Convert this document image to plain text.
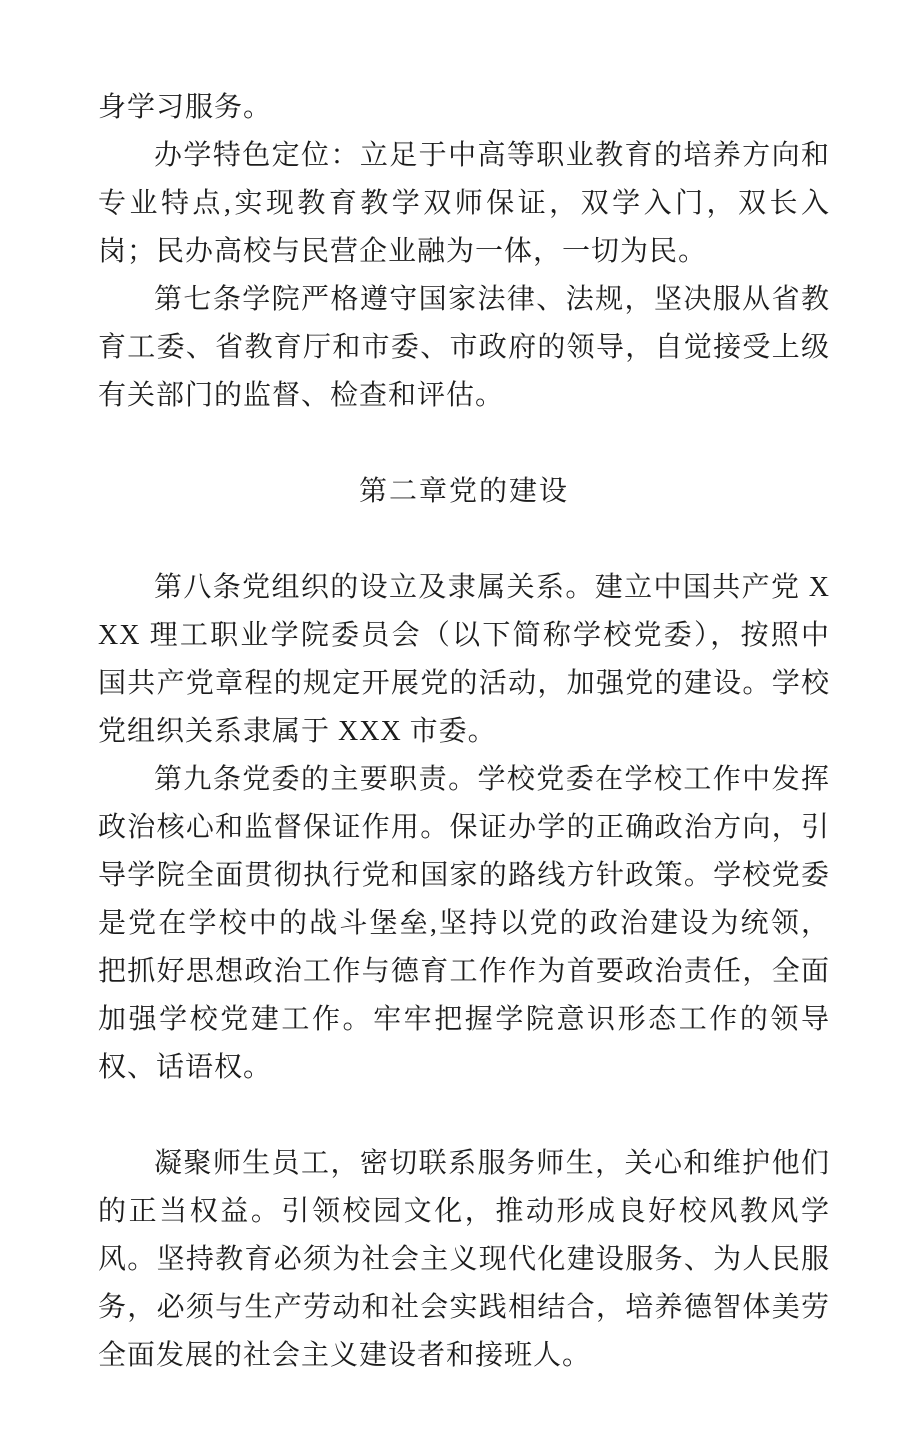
身学习服务。

办学特色定位：立足于中高等职业教育的培养方向和专业特点,实现教育教学双师保证，双学入门，双长入岗；民办高校与民营企业融为一体，一切为民。

第七条学院严格遵守国家法律、法规，坚决服从省教育工委、省教育厅和市委、市政府的领导，自觉接受上级有关部门的监督、检查和评估。

第二章党的建设

第八条党组织的设立及隶属关系。建立中国共产党 XXX 理工职业学院委员会（以下简称学校党委），按照中国共产党章程的规定开展党的活动，加强党的建设。学校党组织关系隶属于 XXX 市委。

第九条党委的主要职责。学校党委在学校工作中发挥政治核心和监督保证作用。保证办学的正确政治方向，引导学院全面贯彻执行党和国家的路线方针政策。学校党委是党在学校中的战斗堡垒,坚持以党的政治建设为统领，把抓好思想政治工作与德育工作作为首要政治责任，全面加强学校党建工作。牢牢把握学院意识形态工作的领导权、话语权。

凝聚师生员工，密切联系服务师生，关心和维护他们的正当权益。引领校园文化，推动形成良好校风教风学风。坚持教育必须为社会主义现代化建设服务、为人民服务，必须与生产劳动和社会实践相结合，培养德智体美劳全面发展的社会主义建设者和接班人。
